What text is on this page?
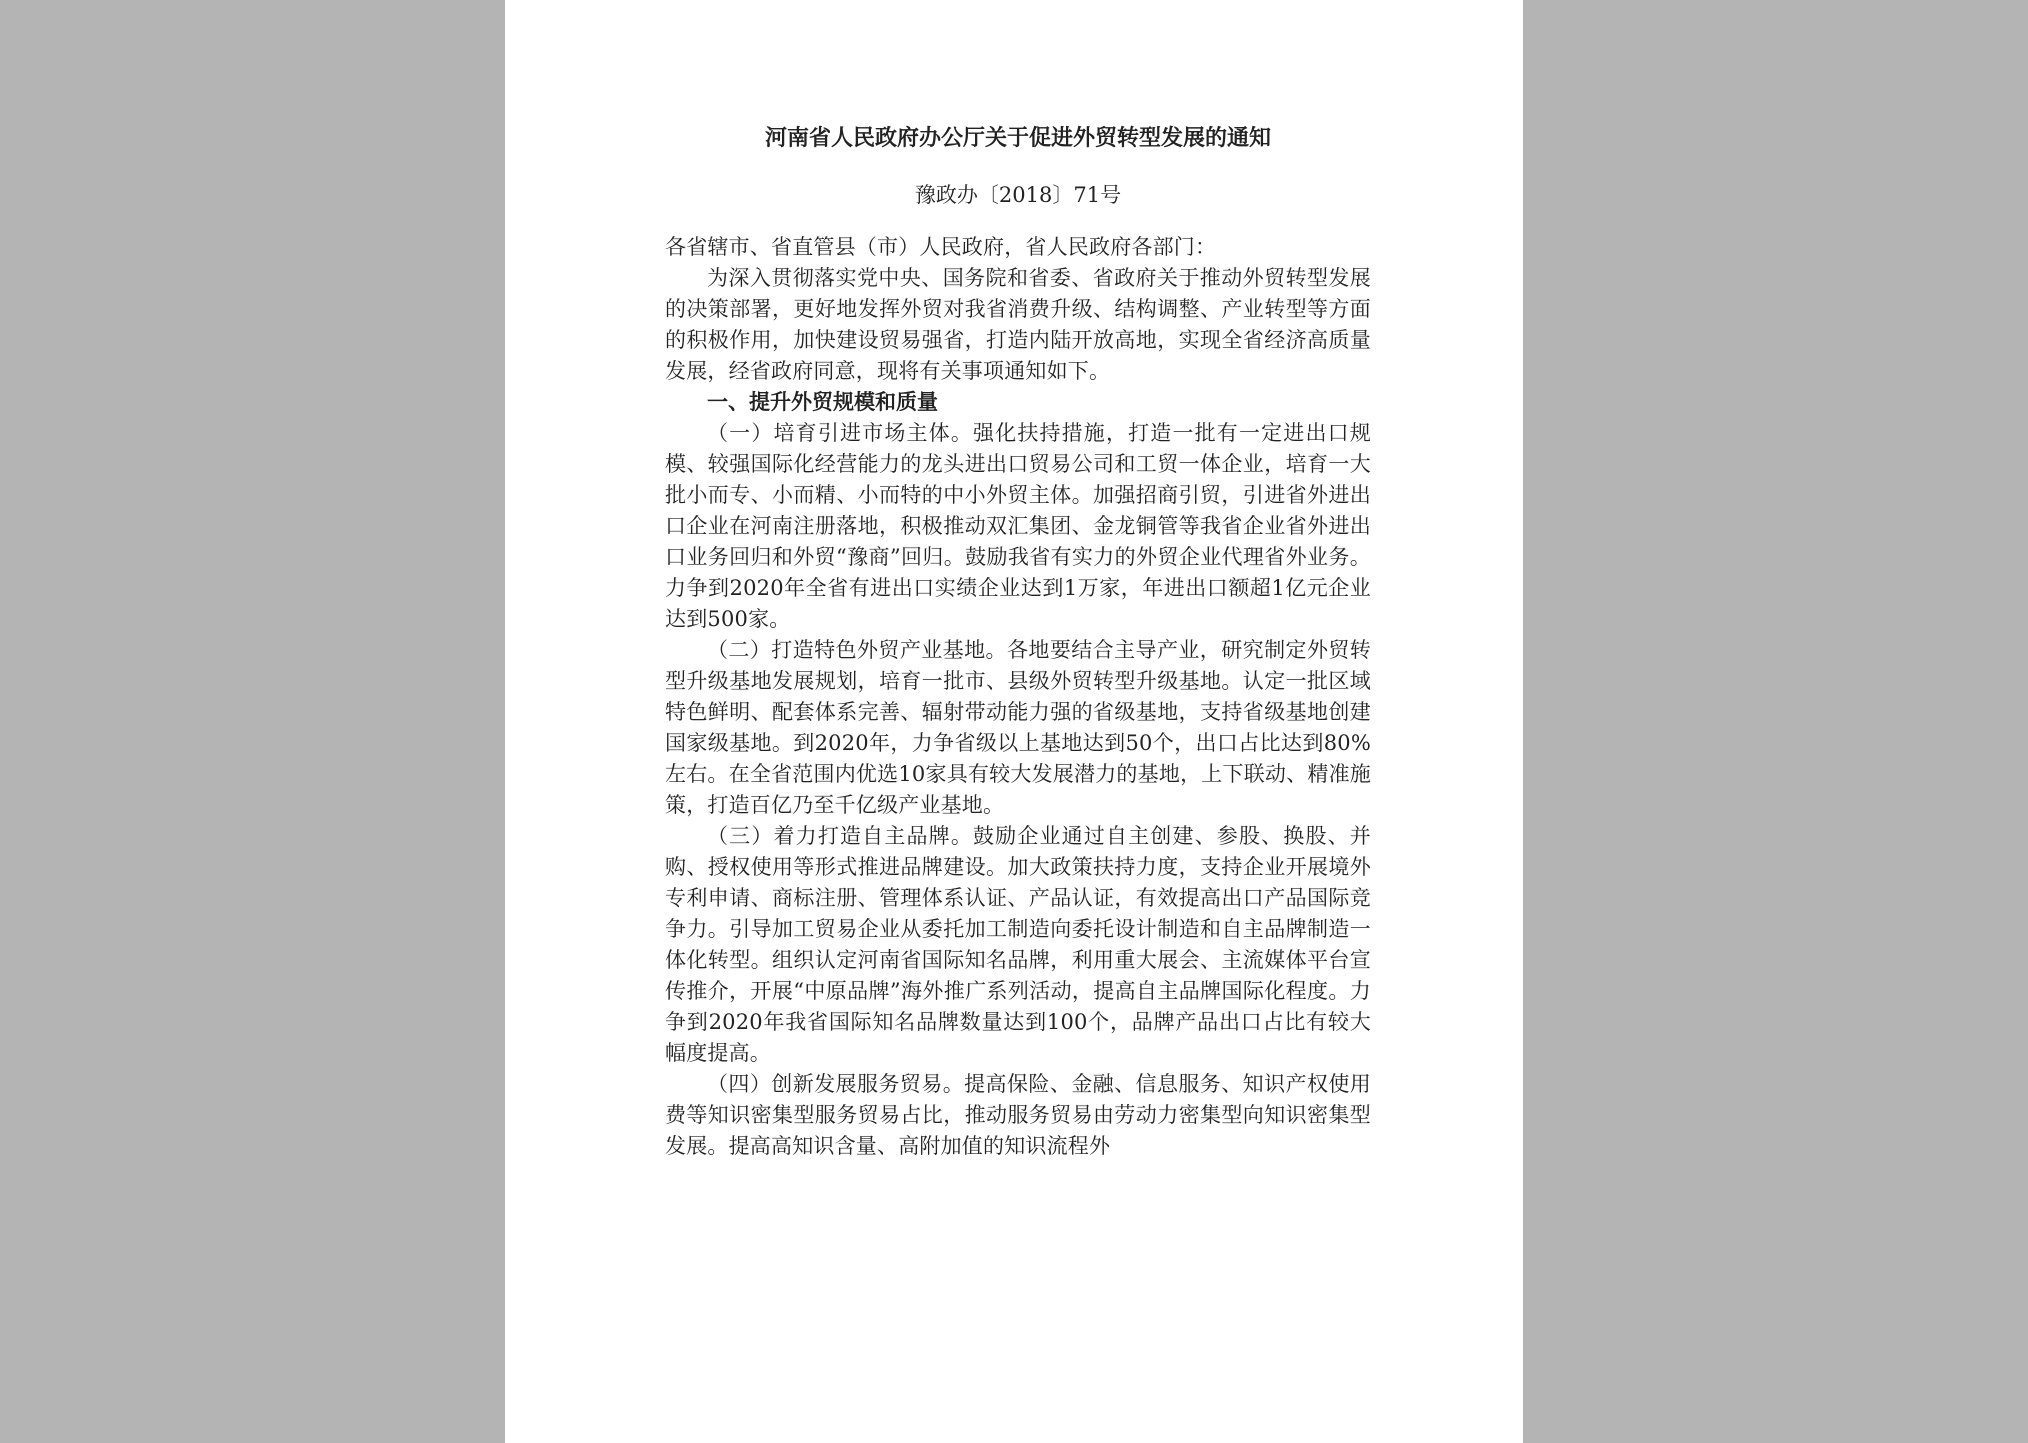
河南省人民政府办公厅关于促进外贸转型发展的通知

豫政办〔2018〕71号

各省辖市、省直管县（市）人民政府，省人民政府各部门：

为深入贯彻落实党中央、国务院和省委、省政府关于推动外贸转型发展的决策部署，更好地发挥外贸对我省消费升级、结构调整、产业转型等方面的积极作用，加快建设贸易强省，打造内陆开放高地，实现全省经济高质量发展，经省政府同意，现将有关事项通知如下。

一、提升外贸规模和质量

（一）培育引进市场主体。强化扶持措施，打造一批有一定进出口规模、较强国际化经营能力的龙头进出口贸易公司和工贸一体企业，培育一大批小而专、小而精、小而特的中小外贸主体。加强招商引贸，引进省外进出口企业在河南注册落地，积极推动双汇集团、金龙铜管等我省企业省外进出口业务回归和外贸“豫商”回归。鼓励我省有实力的外贸企业代理省外业务。力争到2020年全省有进出口实绩企业达到1万家，年进出口额超1亿元企业达到500家。

（二）打造特色外贸产业基地。各地要结合主导产业，研究制定外贸转型升级基地发展规划，培育一批市、县级外贸转型升级基地。认定一批区域特色鲜明、配套体系完善、辐射带动能力强的省级基地，支持省级基地创建国家级基地。到2020年，力争省级以上基地达到50个，出口占比达到80%左右。在全省范围内优选10家具有较大发展潜力的基地，上下联动、精准施策，打造百亿乃至千亿级产业基地。

（三）着力打造自主品牌。鼓励企业通过自主创建、参股、换股、并购、授权使用等形式推进品牌建设。加大政策扶持力度，支持企业开展境外专利申请、商标注册、管理体系认证、产品认证，有效提高出口产品国际竞争力。引导加工贸易企业从委托加工制造向委托设计制造和自主品牌制造一体化转型。组织认定河南省国际知名品牌，利用重大展会、主流媒体平台宣传推介，开展“中原品牌”海外推广系列活动，提高自主品牌国际化程度。力争到2020年我省国际知名品牌数量达到100个，品牌产品出口占比有较大幅度提高。

（四）创新发展服务贸易。提高保险、金融、信息服务、知识产权使用费等知识密集型服务贸易占比，推动服务贸易由劳动力密集型向知识密集型发展。提高高知识含量、高附加值的知识流程外
